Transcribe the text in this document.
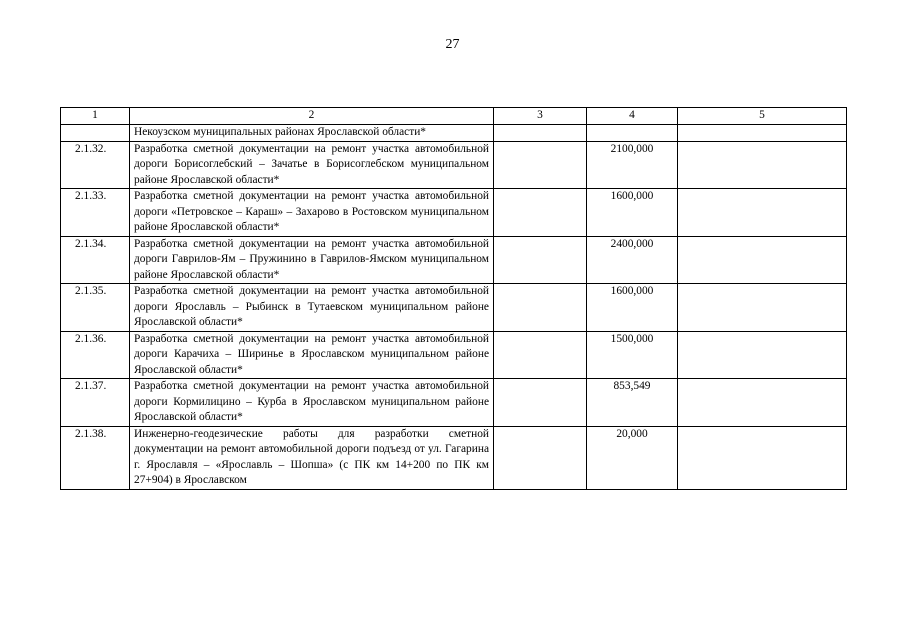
27
1	2	3	4	5
	Некоузском муниципальных районах Ярославской области*			
2.1.32.	Разработка сметной документации на ремонт участка автомобильной дороги Борисоглебский – Зачатье в Борисоглебском муниципальном районе Ярославской области*		2100,000	
2.1.33.	Разработка сметной документации на ремонт участка автомобильной дороги «Петровское – Караш» – Захарово в Ростовском муниципальном районе Ярославской области*		1600,000	
2.1.34.	Разработка сметной документации на ремонт участка автомобильной дороги Гаврилов-Ям – Пружинино в Гаврилов-Ямском муниципальном районе Ярославской области*		2400,000	
2.1.35.	Разработка сметной документации на ремонт участка автомобильной дороги Ярославль – Рыбинск в Тутаевском муниципальном районе Ярославской области*		1600,000	
2.1.36.	Разработка сметной документации на ремонт участка автомобильной дороги Карачиха – Ширинье в Ярославском муниципальном районе Ярославской области*		1500,000	
2.1.37.	Разработка сметной документации на ремонт участка автомобильной дороги Кормилицино – Курба в Ярославском муниципальном районе Ярославской области*		853,549	
2.1.38.	Инженерно-геодезические работы для разработки сметной документации на ремонт автомобильной дороги подъезд от ул. Гагарина г. Ярославля – «Ярославль – Шопша» (с ПК км 14+200 по ПК км 27+904) в Ярославском		20,000	
